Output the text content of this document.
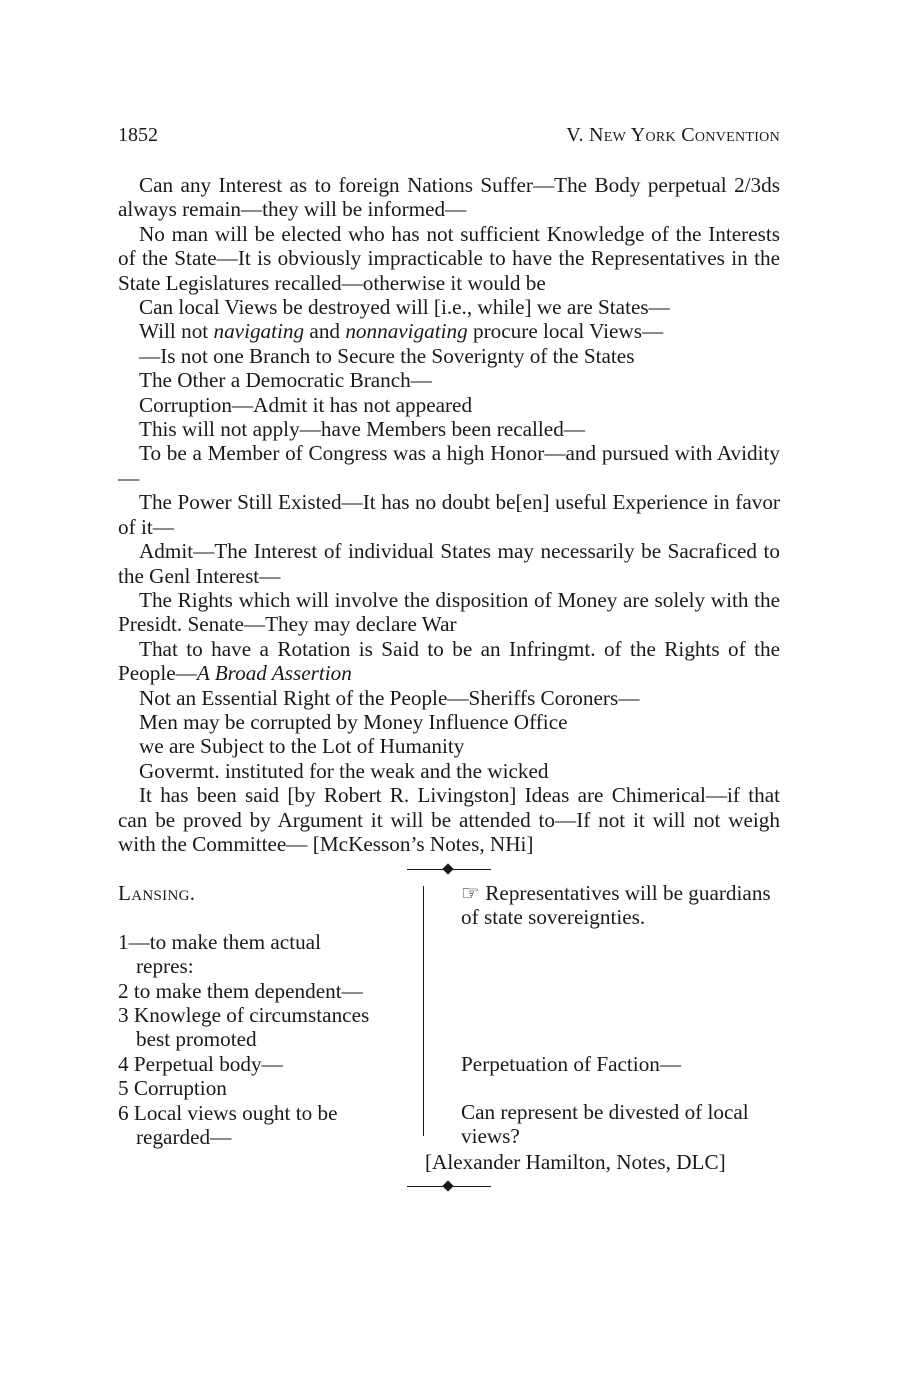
1852	V. New York Convention

Can any Interest as to foreign Nations Suffer—The Body perpetual 2/3ds always remain—they will be informed—

No man will be elected who has not sufficient Knowledge of the Interests of the State—It is obviously impracticable to have the Representatives in the State Legislatures recalled—otherwise it would be

Can local Views be destroyed will [i.e., while] we are States—

Will not navigating and nonnavigating procure local Views—

—Is not one Branch to Secure the Soverignty of the States

The Other a Democratic Branch—

Corruption—Admit it has not appeared

This will not apply—have Members been recalled—

To be a Member of Congress was a high Honor—and pursued with Avidity—

The Power Still Existed—It has no doubt be[en] useful Experience in favor of it—

Admit—The Interest of individual States may necessarily be Sacraficed to the Genl Interest—

The Rights which will involve the disposition of Money are solely with the Presidt. Senate—They may declare War

That to have a Rotation is Said to be an Infringmt. of the Rights of the People—A Broad Assertion

Not an Essential Right of the People—Sheriffs Coroners—

Men may be corrupted by Money Influence Office

we are Subject to the Lot of Humanity

Govermt. instituted for the weak and the wicked

It has been said [by Robert R. Livingston] Ideas are Chimerical—if that can be proved by Argument it will be attended to—If not it will not weigh with the Committee— [McKesson’s Notes, NHi]

Lansing.
1—to make them actual
repres:
2 to make them dependent—
3 Knowlege of circumstances
best promoted
4 Perpetual body—
5 Corruption
6 Local views ought to be
regarded—
☞ Representatives will be guardians of state sovereignties.
Perpetuation of Faction—
Can represent be divested of local views?
[Alexander Hamilton, Notes, DLC]
